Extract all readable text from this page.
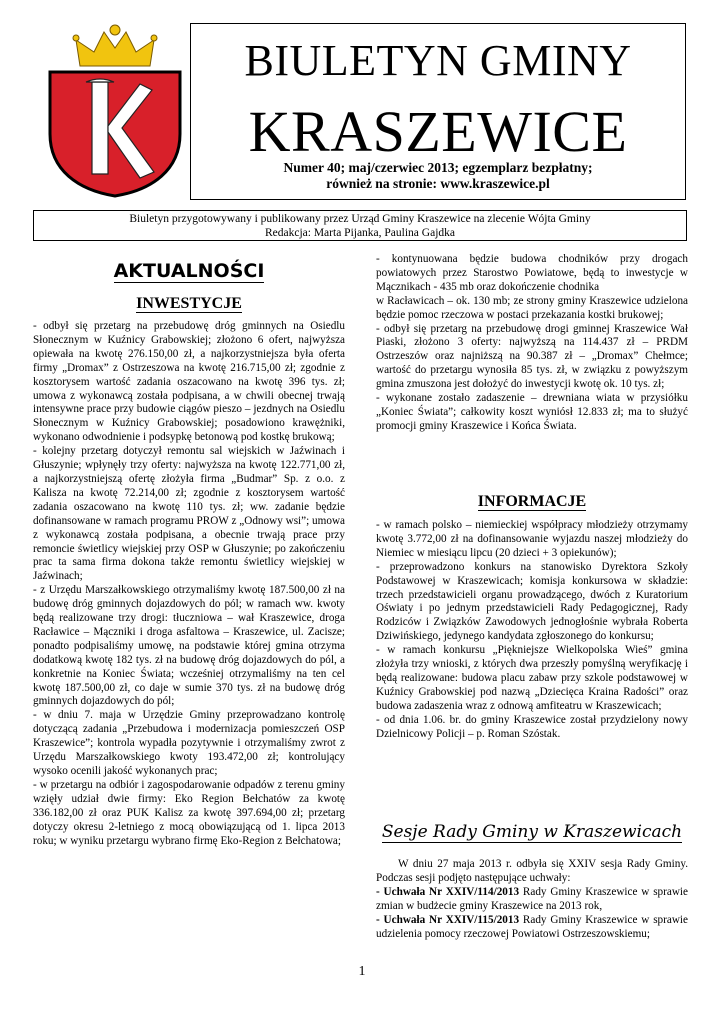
BIULETYN GMINY
KRASZEWICE
Numer 40; maj/czerwiec 2013; egzemplarz bezpłatny;
również na stronie: www.kraszewice.pl
Biuletyn przygotowywany i publikowany przez Urząd Gminy Kraszewice na zlecenie Wójta Gminy
Redakcja: Marta Pijanka, Paulina Gajdka
AKTUALNOŚCI
INWESTYCJE
INFORMACJE
Sesje Rady Gminy w Kraszewicach

- odbył się przetarg na przebudowę dróg gminnych na Osiedlu Słonecznym w Kuźnicy Grabowskiej; złożono 6 ofert, najwyższa opiewała na kwotę 276.150,00 zł, a najkorzystniejsza była oferta firmy „Dromax” z Ostrzeszowa na kwotę 216.715,00 zł; zgodnie z kosztorysem wartość zadania oszacowano na kwotę 396 tys. zł; umowa z wykonawcą została podpisana, a w chwili obecnej trwają intensywne prace przy budowie ciągów pieszo – jezdnych na Osiedlu Słonecznym w Kuźnicy Grabowskiej; posadowiono krawężniki, wykonano odwodnienie i podsypkę betonową pod kostkę brukową;

- kolejny przetarg dotyczył remontu sal wiejskich w Jaźwinach i Głuszynie; wpłynęły trzy oferty: najwyższa na kwotę 122.771,00 zł, a najkorzystniejszą ofertę złożyła firma „Budmar” Sp. z o.o. z Kalisza na kwotę 72.214,00 zł; zgodnie z kosztorysem wartość zadania oszacowano na kwotę 110 tys. zł; ww. zadanie będzie dofinansowane w ramach programu PROW z „Odnowy wsi”; umowa z wykonawcą została podpisana, a obecnie trwają prace przy remoncie świetlicy wiejskiej przy OSP w Głuszynie; po zakończeniu prac ta sama firma dokona także remontu świetlicy wiejskiej w Jaźwinach;

- z Urzędu Marszałkowskiego otrzymaliśmy kwotę 187.500,00 zł na budowę dróg gminnych dojazdowych do pól; w ramach ww. kwoty będą realizowane trzy drogi: tłuczniowa – wał Kraszewice, droga Racławice – Mączniki i droga asfaltowa – Kraszewice, ul. Zacisze; ponadto podpisaliśmy umowę, na podstawie której gmina otrzyma dodatkową kwotę 182 tys. zł na budowę dróg dojazdowych do pól, a konkretnie na Koniec Świata; wcześniej otrzymaliśmy na ten cel kwotę 187.500,00 zł, co daje w sumie 370 tys. zł na budowę dróg gminnych dojazdowych do pól;

- w dniu 7. maja w Urzędzie Gminy przeprowadzano kontrolę dotyczącą zadania „Przebudowa i modernizacja pomieszczeń OSP Kraszewice”; kontrola wypadła pozytywnie i otrzymaliśmy zwrot z Urzędu Marszałkowskiego kwoty 193.472,00 zł; kontrolujący wysoko ocenili jakość wykonanych prac;

- w przetargu na odbiór i zagospodarowanie odpadów z terenu gminy wzięły udział dwie firmy: Eko Region Bełchatów za kwotę 336.182,00 zł oraz PUK Kalisz za kwotę 397.694,00 zł; przetarg dotyczy okresu 2-letniego z mocą obowiązującą od 1. lipca 2013 roku; w wyniku przetargu wybrano firmę Eko-Region z Bełchatowa;

- kontynuowana będzie budowa chodników przy drogach powiatowych przez Starostwo Powiatowe, będą to inwestycje w Mącznikach - 435 mb oraz dokończenie chodnika

w Racławicach – ok. 130 mb; ze strony gminy Kraszewice udzielona będzie pomoc rzeczowa w postaci przekazania kostki brukowej;

- odbył się przetarg na przebudowę drogi gminnej Kraszewice Wał Piaski, złożono 3 oferty: najwyższą na 114.437 zł – PRDM Ostrzeszów oraz najniższą na 90.387 zł – „Dromax” Chełmce; wartość do przetargu wynosiła 85 tys. zł, w związku z powyższym gmina zmuszona jest dołożyć do inwestycji kwotę ok. 10 tys. zł;

- wykonane zostało zadaszenie – drewniana wiata w przysiółku „Koniec Świata”; całkowity koszt wyniósł 12.833 zł; ma to służyć promocji gminy Kraszewice i Końca Świata.

- w ramach polsko – niemieckiej współpracy młodzieży otrzymamy kwotę 3.772,00 zł na dofinansowanie wyjazdu naszej młodzieży do Niemiec w miesiącu lipcu (20 dzieci + 3 opiekunów);

- przeprowadzono konkurs na stanowisko Dyrektora Szkoły Podstawowej w Kraszewicach; komisja konkursowa w składzie: trzech przedstawicieli organu prowadzącego, dwóch z Kuratorium Oświaty i po jednym przedstawicieli Rady Pedagogicznej, Rady Rodziców i Związków Zawodowych jednogłośnie wybrała Roberta Dziwińskiego, jedynego kandydata zgłoszonego do konkursu;

- w ramach konkursu „Piękniejsze Wielkopolska Wieś” gmina złożyła trzy wnioski, z których dwa przeszły pomyślną weryfikację i będą realizowane: budowa placu zabaw przy szkole podstawowej w Kuźnicy Grabowskiej pod nazwą „Dziecięca Kraina Radości” oraz budowa zadaszenia wraz z odnową amfiteatru w Kraszewicach;

- od dnia 1.06. br. do gminy Kraszewice został przydzielony nowy Dzielnicowy Policji – p. Roman Szóstak.

W dniu 27 maja 2013 r. odbyła się XXIV sesja Rady Gminy. Podczas sesji podjęto następujące uchwały:

- Uchwała Nr XXIV/114/2013 Rady Gminy Kraszewice w sprawie zmian w budżecie gminy Kraszewice na 2013 rok,

- Uchwała Nr XXIV/115/2013 Rady Gminy Kraszewice w sprawie udzielenia pomocy rzeczowej Powiatowi Ostrzeszowskiemu;

1
